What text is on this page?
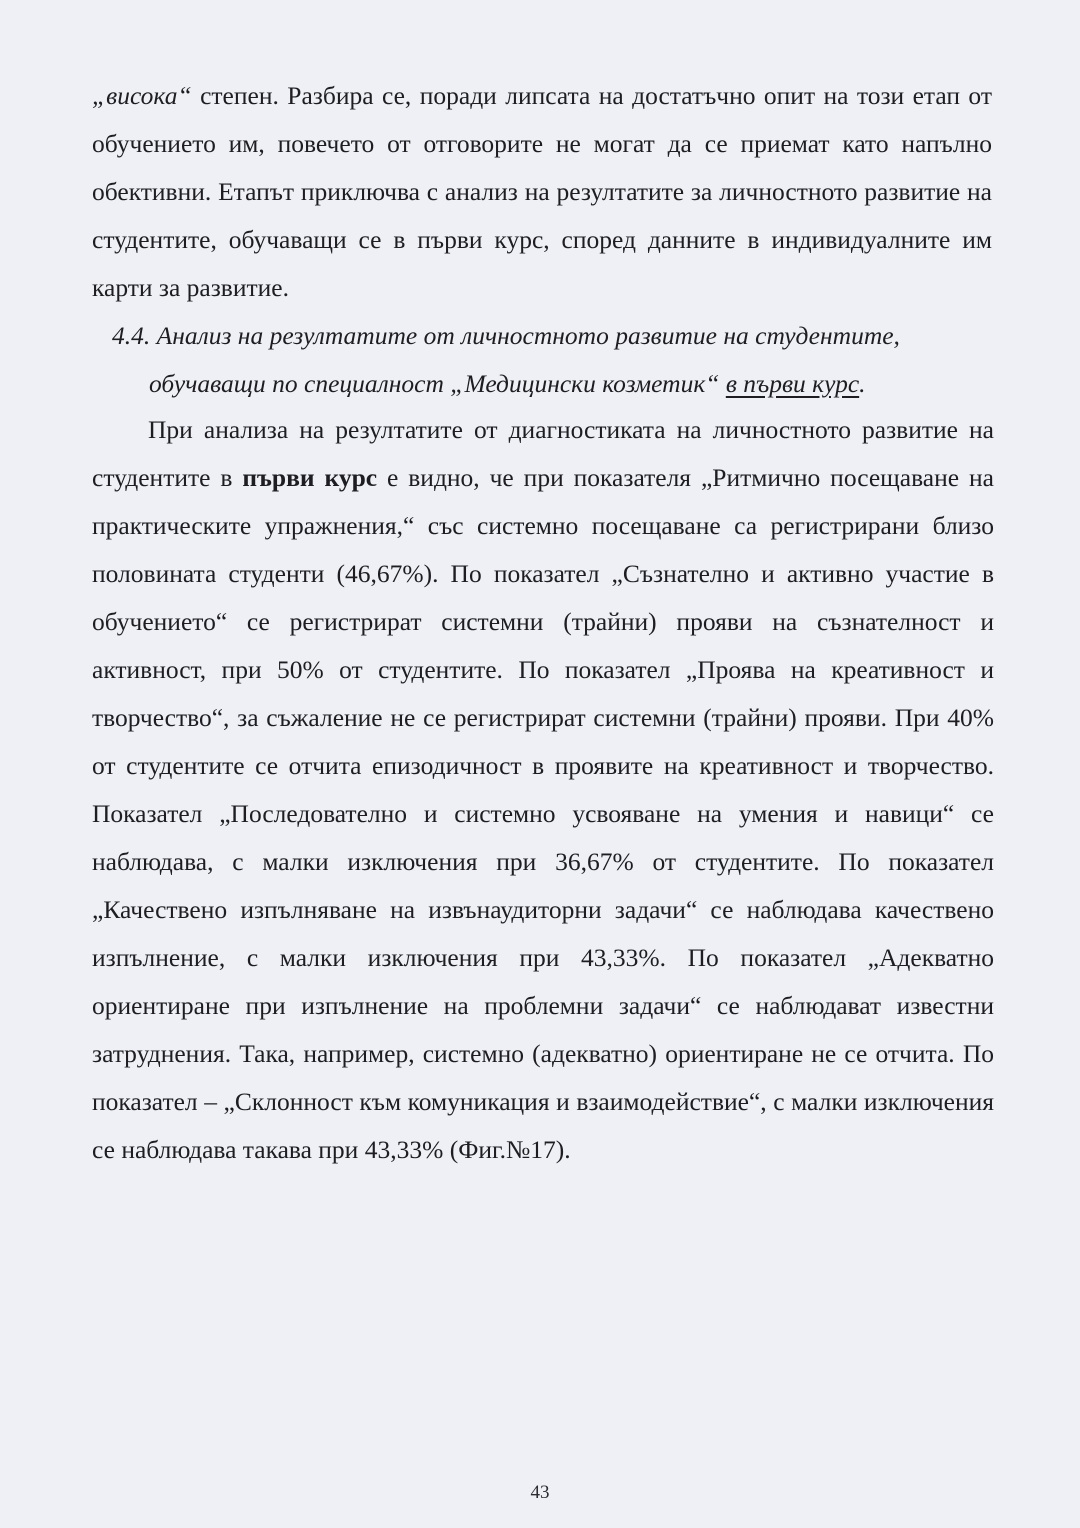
„висока“ степен. Разбира се, поради липсата на достатъчно опит на този етап от обучението им, повечето от отговорите не могат да се приемат като напълно обективни. Етапът приключва с анализ на резултатите за личностното развитие на студентите, обучаващи се в първи курс, според данните в индивидуалните им карти за развитие.

4.4. Анализ на резултатите от личностното развитие на студентите,
обучаващи по специалност „Медицински козметик“ в първи курс.

При анализа на резултатите от диагностиката на личностното развитие на студентите в първи курс е видно, че при показателя „Ритмично посещаване на практическите упражнения,“ със системно посещаване са регистрирани близо половината студенти (46,67%). По показател „Съзнателно и активно участие в обучението“ се регистрират системни (трайни) прояви на съзнателност и активност, при 50% от студентите. По показател „Проява на креативност и творчество“, за съжаление не се регистрират системни (трайни) прояви. При 40% от студентите се отчита епизодичност в проявите на креативност и творчество. Показател „Последователно и системно усвояване на умения и навици“ се наблюдава, с малки изключения при 36,67% от студентите. По показател „Качествено изпълняване на извънаудиторни задачи“ се наблюдава качествено изпълнение, с малки изключения при 43,33%. По показател „Адекватно ориентиране при изпълнение на проблемни задачи“ се наблюдават известни затруднения. Така, например, системно (адекватно) ориентиране не се отчита. По показател – „Склонност към комуникация и взаимодействие“, с малки изключения се наблюдава такава при 43,33% (Фиг.№17).

43
